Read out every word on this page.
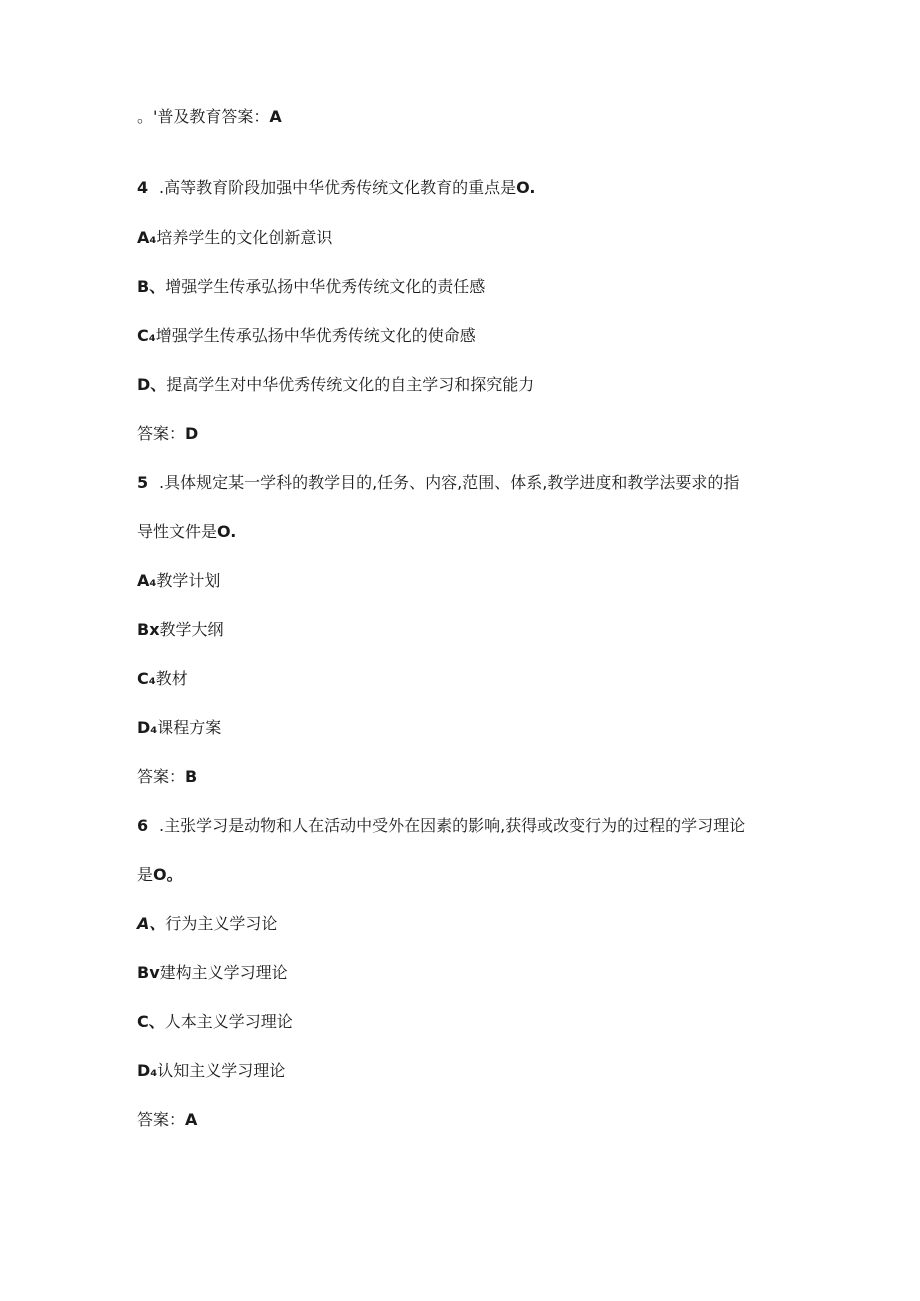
。'普及教育答案：A

4 .高等教育阶段加强中华优秀传统文化教育的重点是O.

A₄培养学生的文化创新意识

B、增强学生传承弘扬中华优秀传统文化的责任感

C₄增强学生传承弘扬中华优秀传统文化的使命感

D、提高学生对中华优秀传统文化的自主学习和探究能力

答案：D

5 .具体规定某一学科的教学目的,任务、内容,范围、体系,教学进度和教学法要求的指

导性文件是O.

A₄教学计划

Bx教学大纲

C₄教材

D₄课程方案

答案：B

6 .主张学习是动物和人在活动中受外在因素的影响,获得或改变行为的过程的学习理论

是O。

A、行为主义学习论

Bv建构主义学习理论

C、人本主义学习理论

D₄认知主义学习理论

答案：A
